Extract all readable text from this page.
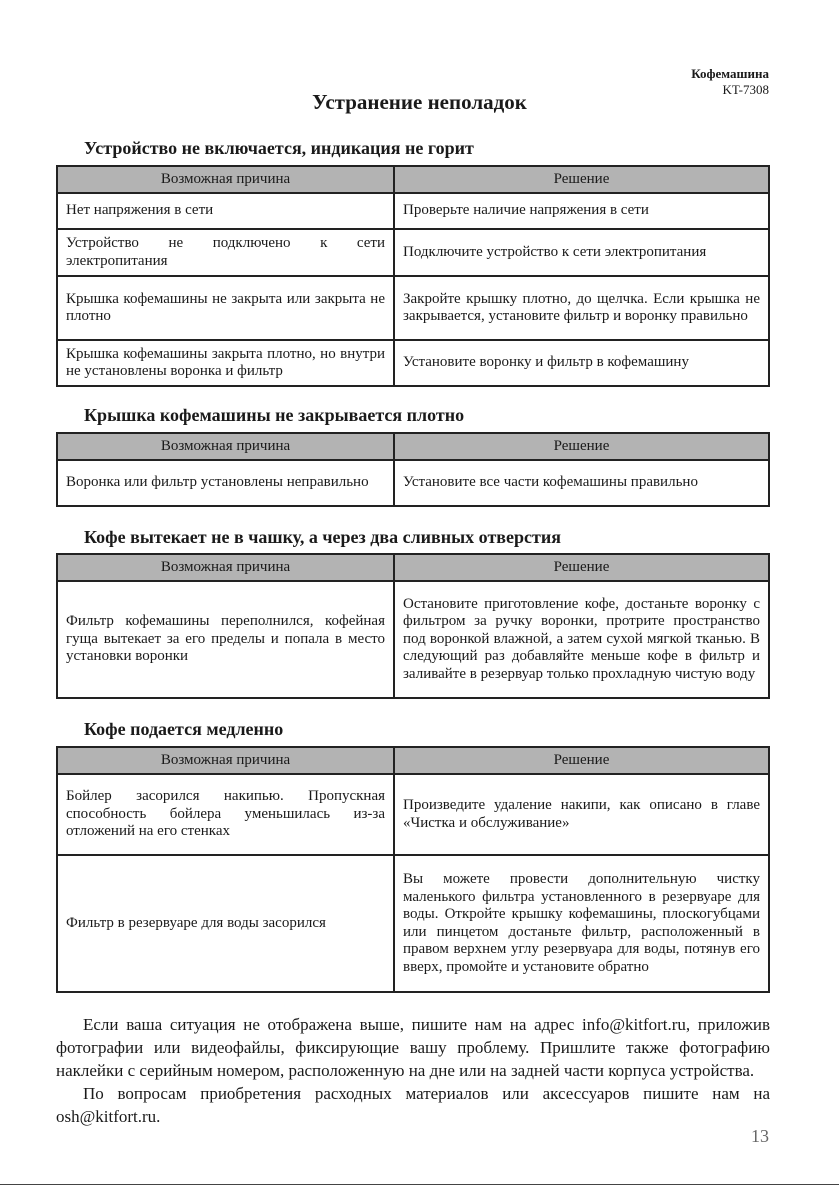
Кофемашина
KT-7308
Устранение неполадок
Устройство не включается, индикация не горит
Возможная причина	Решение
Нет напряжения в сети	Проверьте наличие напряжения в сети
Устройство не подключено к сети электропитания	Подключите устройство к сети электропитания
Крышка кофемашины не закрыта или закрыта не плотно	Закройте крышку плотно, до щелчка. Если крышка не закрывается, установите фильтр и воронку правильно
Крышка кофемашины закрыта плотно, но внутри не установлены воронка и фильтр	Установите воронку и фильтр в кофемашину
Крышка кофемашины не закрывается плотно
Возможная причина	Решение
Воронка или фильтр установлены неправильно	Установите все части кофемашины правильно
Кофе вытекает не в чашку, а через два сливных отверстия
Возможная причина	Решение
Фильтр кофемашины переполнился, кофейная гуща вытекает за его пределы и попала в место установки воронки	Остановите приготовление кофе, достаньте воронку с фильтром за ручку воронки, протрите пространство под воронкой влажной, а затем сухой мягкой тканью. В следующий раз добавляйте меньше кофе в фильтр и заливайте в резервуар только прохладную чистую воду
Кофе подается медленно
Возможная причина	Решение
Бойлер засорился накипью. Пропускная способность бойлера уменьшилась из-за отложений на его стенках	Произведите удаление накипи, как описано в главе «Чистка и обслуживание»
Фильтр в резервуаре для воды засорился	Вы можете провести дополнительную чистку маленького фильтра установленного в резервуаре для воды. Откройте крышку кофемашины, плоскогубцами или пинцетом достаньте фильтр, расположенный в правом верхнем углу резервуара для воды, потянув его вверх, промойте и установите обратно

Если ваша ситуация не отображена выше, пишите нам на адрес info@kitfort.ru, приложив фотографии или видеофайлы, фиксирующие вашу проблему. Пришлите также фотографию наклейки с серийным номером, расположенную на дне или на задней части корпуса устройства.

По вопросам приобретения расходных материалов или аксессуаров пишите нам на osh@kitfort.ru.

13
